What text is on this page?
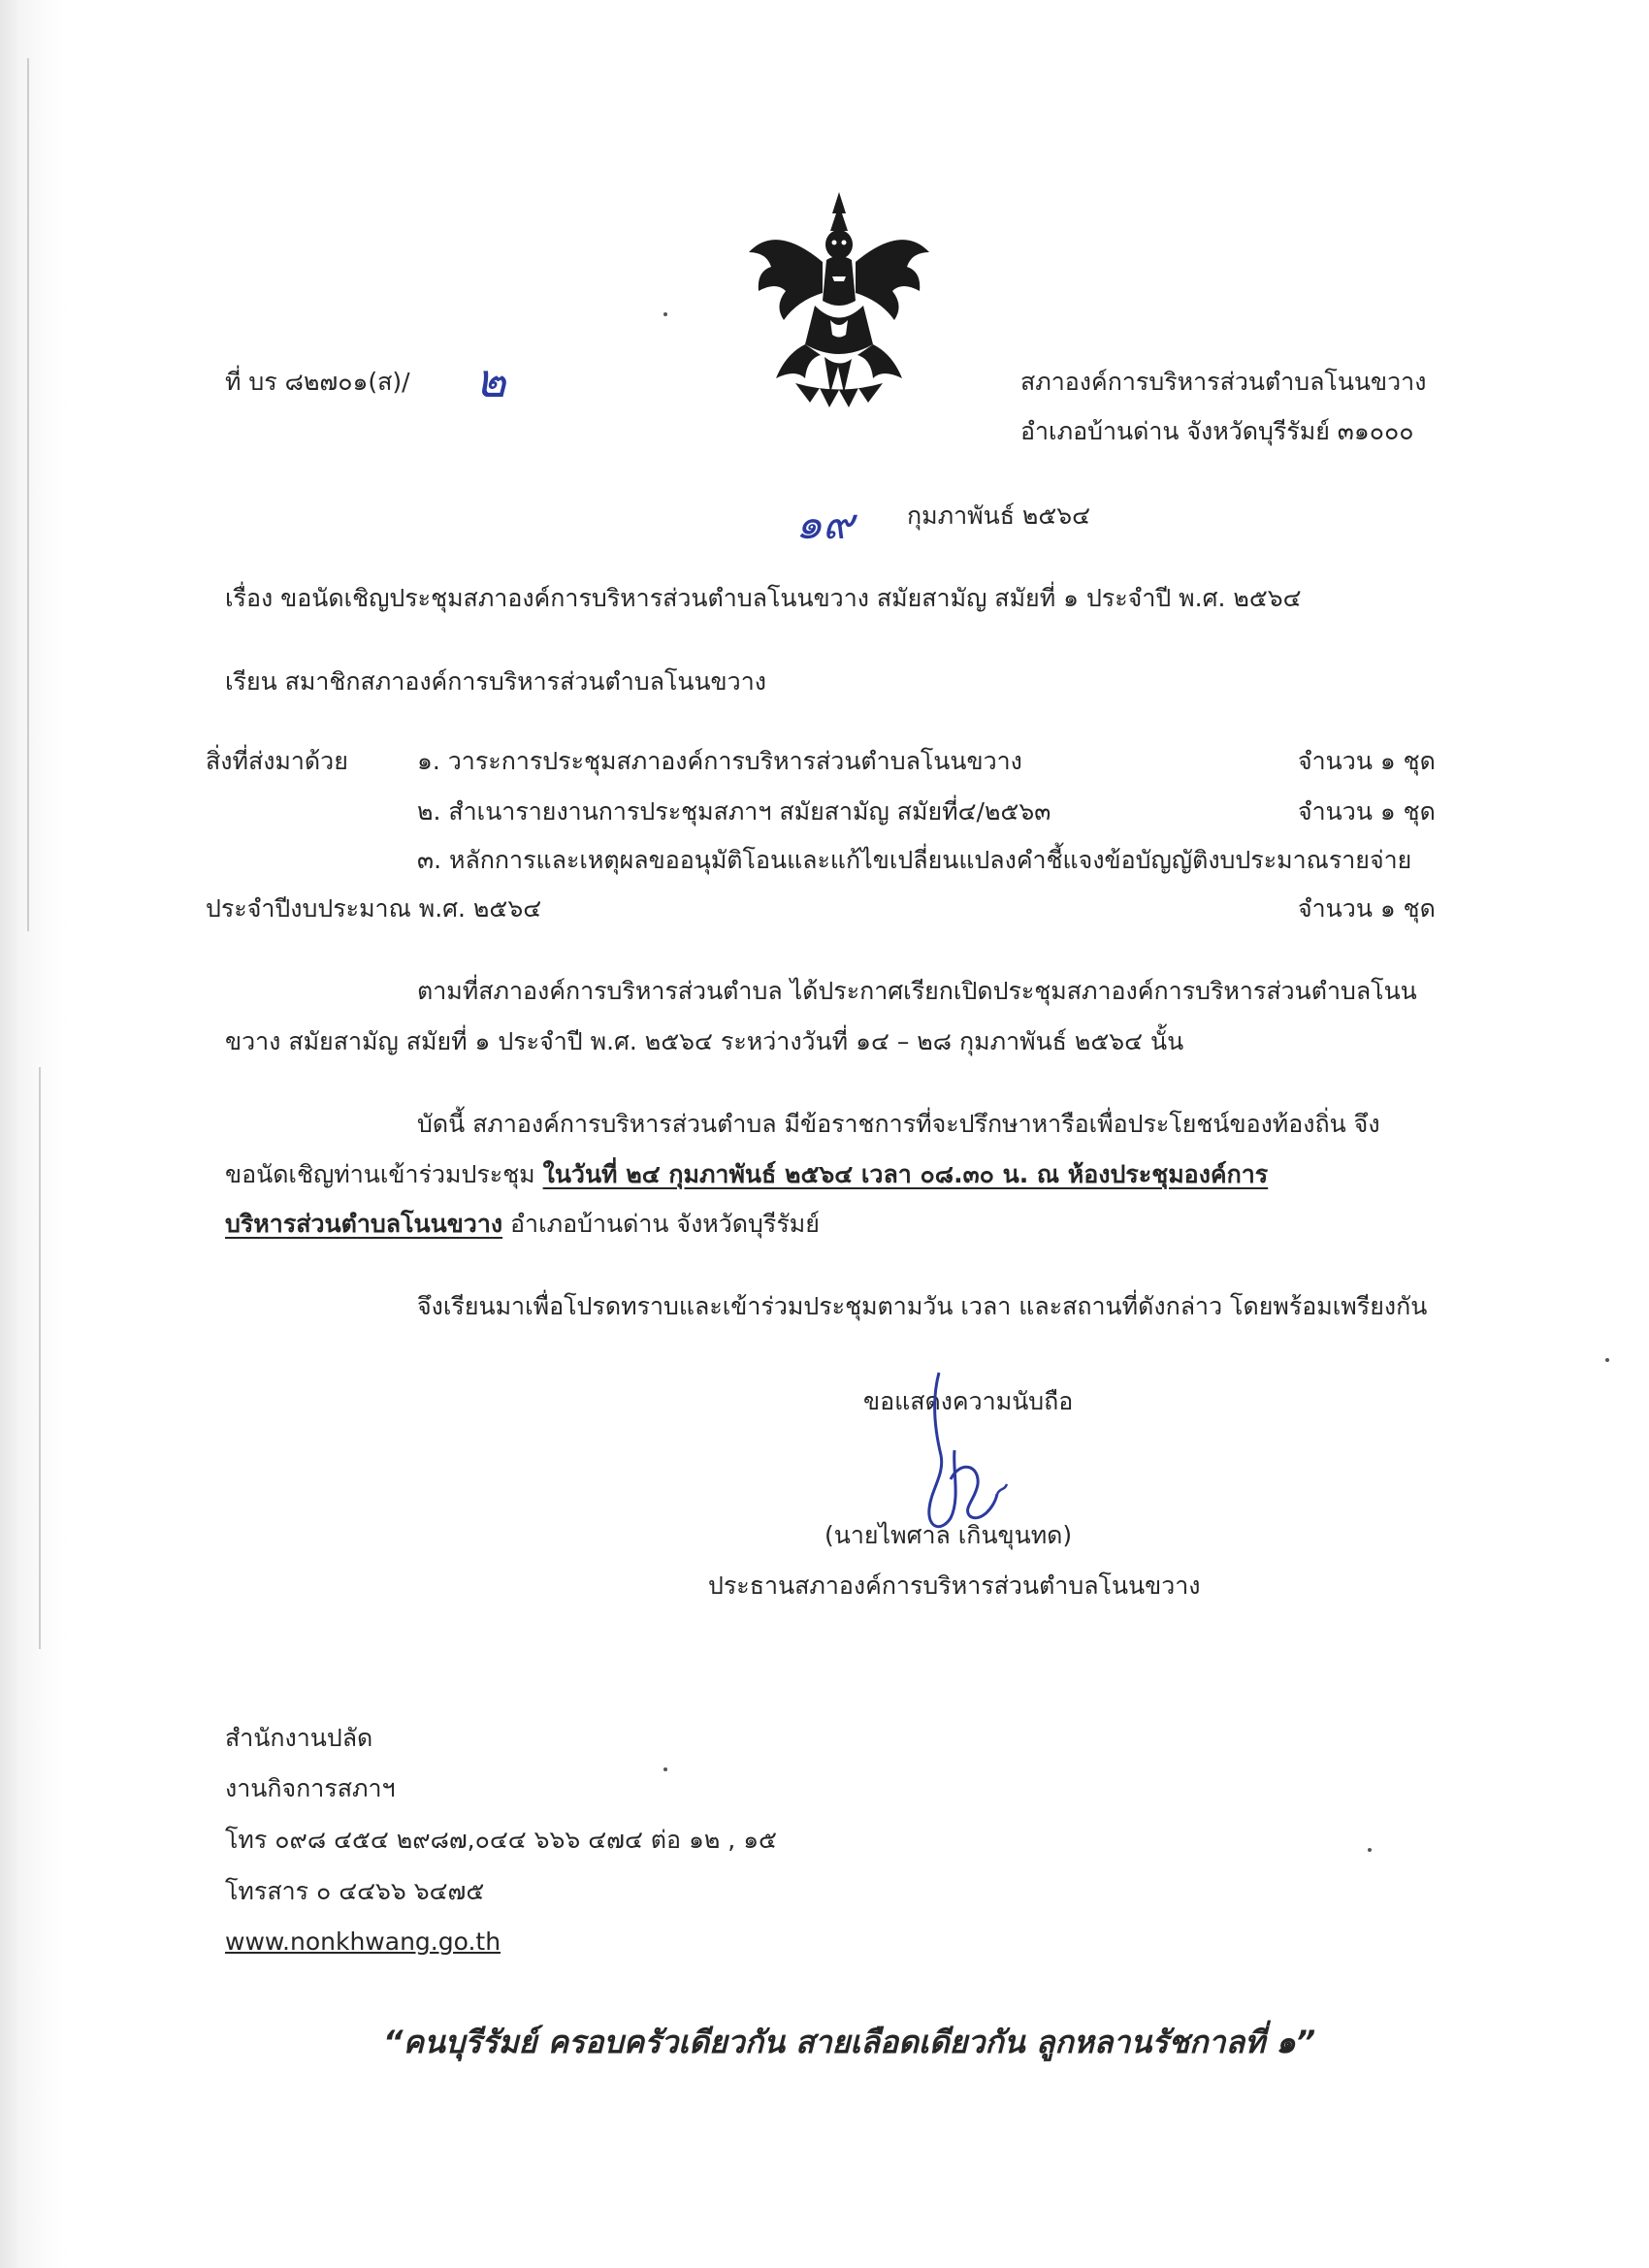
ที่ บร ๘๒๗๐๑(ส)/ ๒	สภาองค์การบริหารส่วนตำบลโนนขวาง
อำเภอบ้านด่าน จังหวัดบุรีรัมย์ ๓๑๐๐๐
๑๙ กุมภาพันธ์ ๒๕๖๔
เรื่อง ขอนัดเชิญประชุมสภาองค์การบริหารส่วนตำบลโนนขวาง สมัยสามัญ สมัยที่ ๑ ประจำปี พ.ศ. ๒๕๖๔
เรียน สมาชิกสภาองค์การบริหารส่วนตำบลโนนขวาง
สิ่งที่ส่งมาด้วย	๑. วาระการประชุมสภาองค์การบริหารส่วนตำบลโนนขวาง	จำนวน ๑ ชุด
๒. สำเนารายงานการประชุมสภาฯ สมัยสามัญ สมัยที่๔/๒๕๖๓	จำนวน ๑ ชุด
๓. หลักการและเหตุผลขออนุมัติโอนและแก้ไขเปลี่ยนแปลงคำชี้แจงข้อบัญญัติงบประมาณรายจ่าย
ประจำปีงบประมาณ พ.ศ. ๒๕๖๔	จำนวน ๑ ชุด
ตามที่สภาองค์การบริหารส่วนตำบล ได้ประกาศเรียกเปิดประชุมสภาองค์การบริหารส่วนตำบลโนน
ขวาง สมัยสามัญ สมัยที่ ๑ ประจำปี พ.ศ. ๒๕๖๔ ระหว่างวันที่ ๑๔ – ๒๘ กุมภาพันธ์ ๒๕๖๔ นั้น
บัดนี้ สภาองค์การบริหารส่วนตำบล มีข้อราชการที่จะปรึกษาหารือเพื่อประโยชน์ของท้องถิ่น จึง
ขอนัดเชิญท่านเข้าร่วมประชุม ในวันที่ ๒๔ กุมภาพันธ์ ๒๕๖๔ เวลา ๐๘.๓๐ น. ณ ห้องประชุมองค์การ
บริหารส่วนตำบลโนนขวาง อำเภอบ้านด่าน จังหวัดบุรีรัมย์
จึงเรียนมาเพื่อโปรดทราบและเข้าร่วมประชุมตามวัน เวลา และสถานที่ดังกล่าว โดยพร้อมเพรียงกัน
ขอแสดงความนับถือ
(นายไพศาล เกินขุนทด)
ประธานสภาองค์การบริหารส่วนตำบลโนนขวาง
สำนักงานปลัด
งานกิจการสภาฯ
โทร ๐๙๘ ๔๕๔ ๒๙๘๗,๐๔๔ ๖๖๖ ๔๗๔ ต่อ ๑๒ , ๑๕
โทรสาร ๐ ๔๔๖๖ ๖๔๗๕
www.nonkhwang.go.th
“คนบุรีรัมย์ ครอบครัวเดียวกัน สายเลือดเดียวกัน ลูกหลานรัชกาลที่ ๑”
